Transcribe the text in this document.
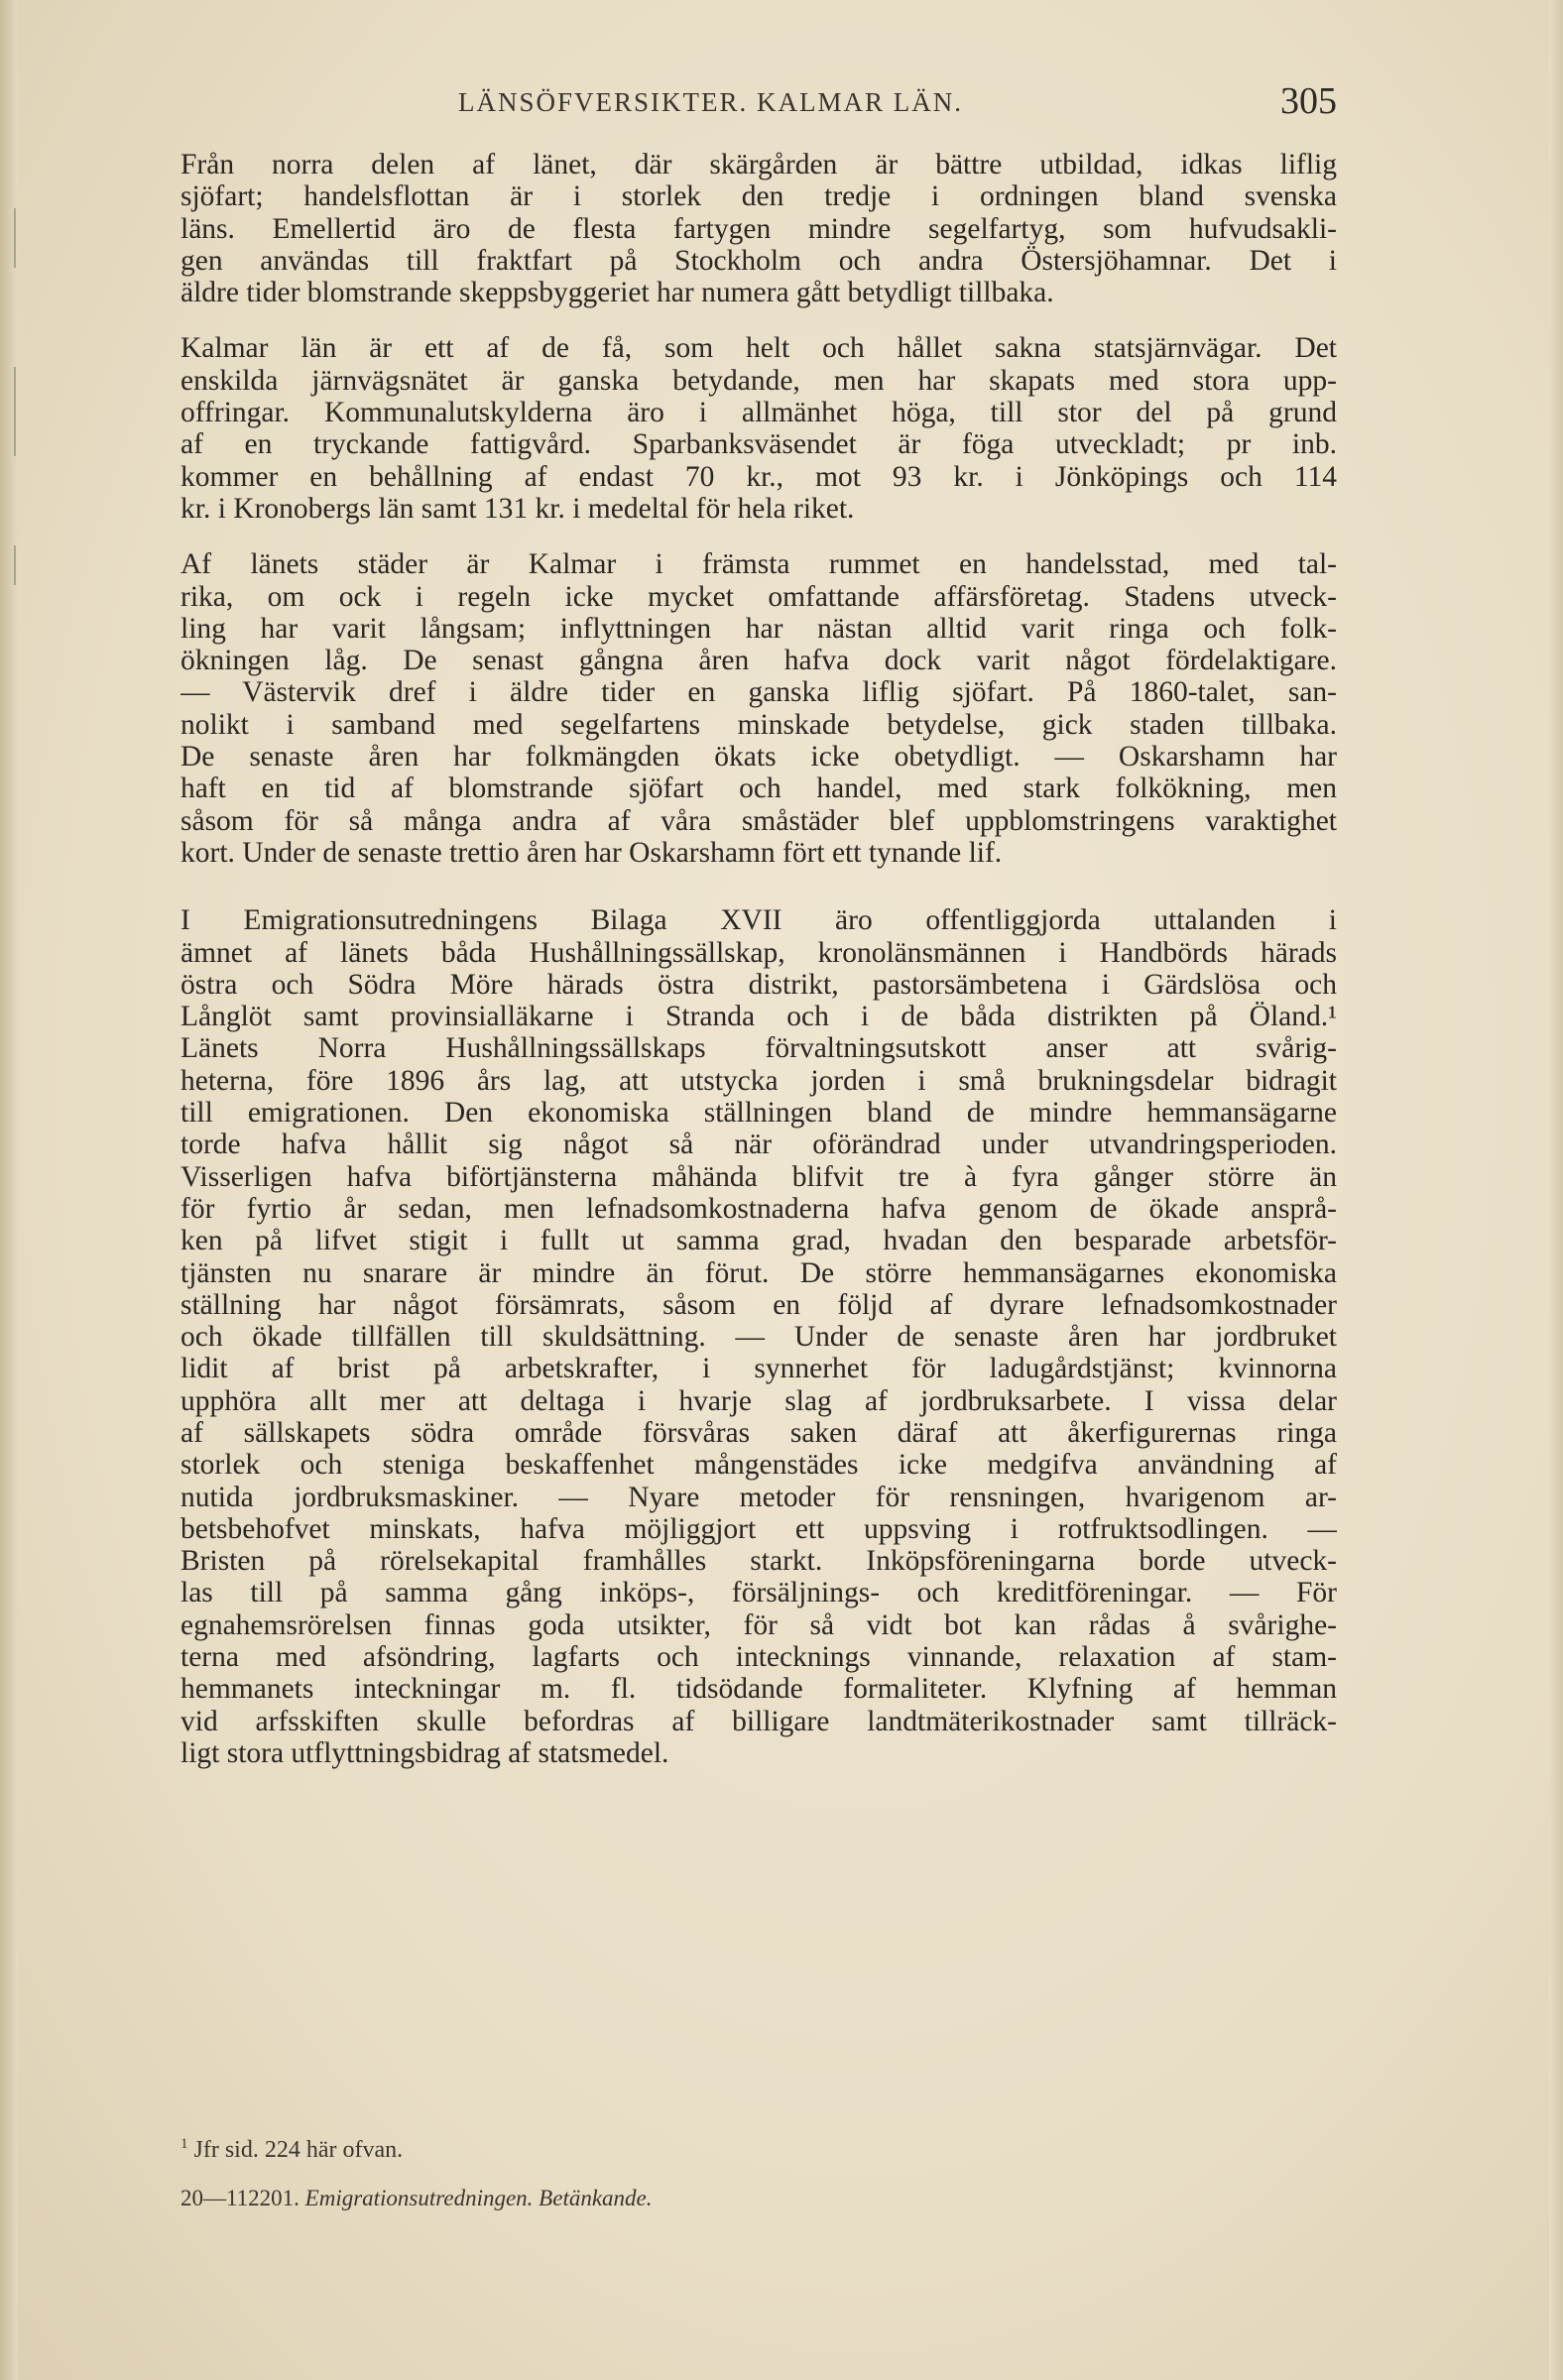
LÄNSÖFVERSIKTER. KALMAR LÄN.	305

Från norra delen af länet, där skärgården är bättre utbildad, idkas liflig

sjöfart; handelsflottan är i storlek den tredje i ordningen bland svenska

läns. Emellertid äro de flesta fartygen mindre segelfartyg, som hufvudsakli-

gen användas till fraktfart på Stockholm och andra Östersjöhamnar. Det i

äldre tider blomstrande skeppsbyggeriet har numera gått betydligt tillbaka.

Kalmar län är ett af de få, som helt och hållet sakna statsjärnvägar. Det

enskilda järnvägsnätet är ganska betydande, men har skapats med stora upp-

offringar. Kommunalutskylderna äro i allmänhet höga, till stor del på grund

af en tryckande fattigvård. Sparbanksväsendet är föga utveckladt; pr inb.

kommer en behållning af endast 70 kr., mot 93 kr. i Jönköpings och 114

kr. i Kronobergs län samt 131 kr. i medeltal för hela riket.

Af länets städer är Kalmar i främsta rummet en handelsstad, med tal-

rika, om ock i regeln icke mycket omfattande affärsföretag. Stadens utveck-

ling har varit långsam; inflyttningen har nästan alltid varit ringa och folk-

ökningen låg. De senast gångna åren hafva dock varit något fördelaktigare.

— Västervik dref i äldre tider en ganska liflig sjöfart. På 1860-talet, san-

nolikt i samband med segelfartens minskade betydelse, gick staden tillbaka.

De senaste åren har folkmängden ökats icke obetydligt. — Oskarshamn har

haft en tid af blomstrande sjöfart och handel, med stark folkökning, men

såsom för så många andra af våra småstäder blef uppblomstringens varaktighet

kort. Under de senaste trettio åren har Oskarshamn fört ett tynande lif.

I Emigrationsutredningens Bilaga XVII äro offentliggjorda uttalanden i

ämnet af länets båda Hushållningssällskap, kronolänsmännen i Handbörds härads

östra och Södra Möre härads östra distrikt, pastorsämbetena i Gärdslösa och

Långlöt samt provinsialläkarne i Stranda och i de båda distrikten på Öland.¹

Länets Norra Hushållningssällskaps förvaltningsutskott anser att svårig-

heterna, före 1896 års lag, att utstycka jorden i små brukningsdelar bidragit

till emigrationen. Den ekonomiska ställningen bland de mindre hemmansägarne

torde hafva hållit sig något så när oförändrad under utvandringsperioden.

Visserligen hafva biförtjänsterna måhända blifvit tre à fyra gånger större än

för fyrtio år sedan, men lefnadsomkostnaderna hafva genom de ökade ansprå-

ken på lifvet stigit i fullt ut samma grad, hvadan den besparade arbetsför-

tjänsten nu snarare är mindre än förut. De större hemmansägarnes ekonomiska

ställning har något försämrats, såsom en följd af dyrare lefnadsomkostnader

och ökade tillfällen till skuldsättning. — Under de senaste åren har jordbruket

lidit af brist på arbetskrafter, i synnerhet för ladugårdstjänst; kvinnorna

upphöra allt mer att deltaga i hvarje slag af jordbruksarbete. I vissa delar

af sällskapets södra område försvåras saken däraf att åkerfigurernas ringa

storlek och steniga beskaffenhet mångenstädes icke medgifva användning af

nutida jordbruksmaskiner. — Nyare metoder för rensningen, hvarigenom ar-

betsbehofvet minskats, hafva möjliggjort ett uppsving i rotfruktsodlingen. —

Bristen på rörelsekapital framhålles starkt. Inköpsföreningarna borde utveck-

las till på samma gång inköps-, försäljnings- och kreditföreningar. — För

egnahemsrörelsen finnas goda utsikter, för så vidt bot kan rådas å svårighe-

terna med afsöndring, lagfarts och intecknings vinnande, relaxation af stam-

hemmanets inteckningar m. fl. tidsödande formaliteter. Klyfning af hemman

vid arfsskiften skulle befordras af billigare landtmäterikostnader samt tillräck-

ligt stora utflyttningsbidrag af statsmedel.

$^1$ Jfr sid. 224 här ofvan.
20—112201. Emigrationsutredningen. Betänkande.
